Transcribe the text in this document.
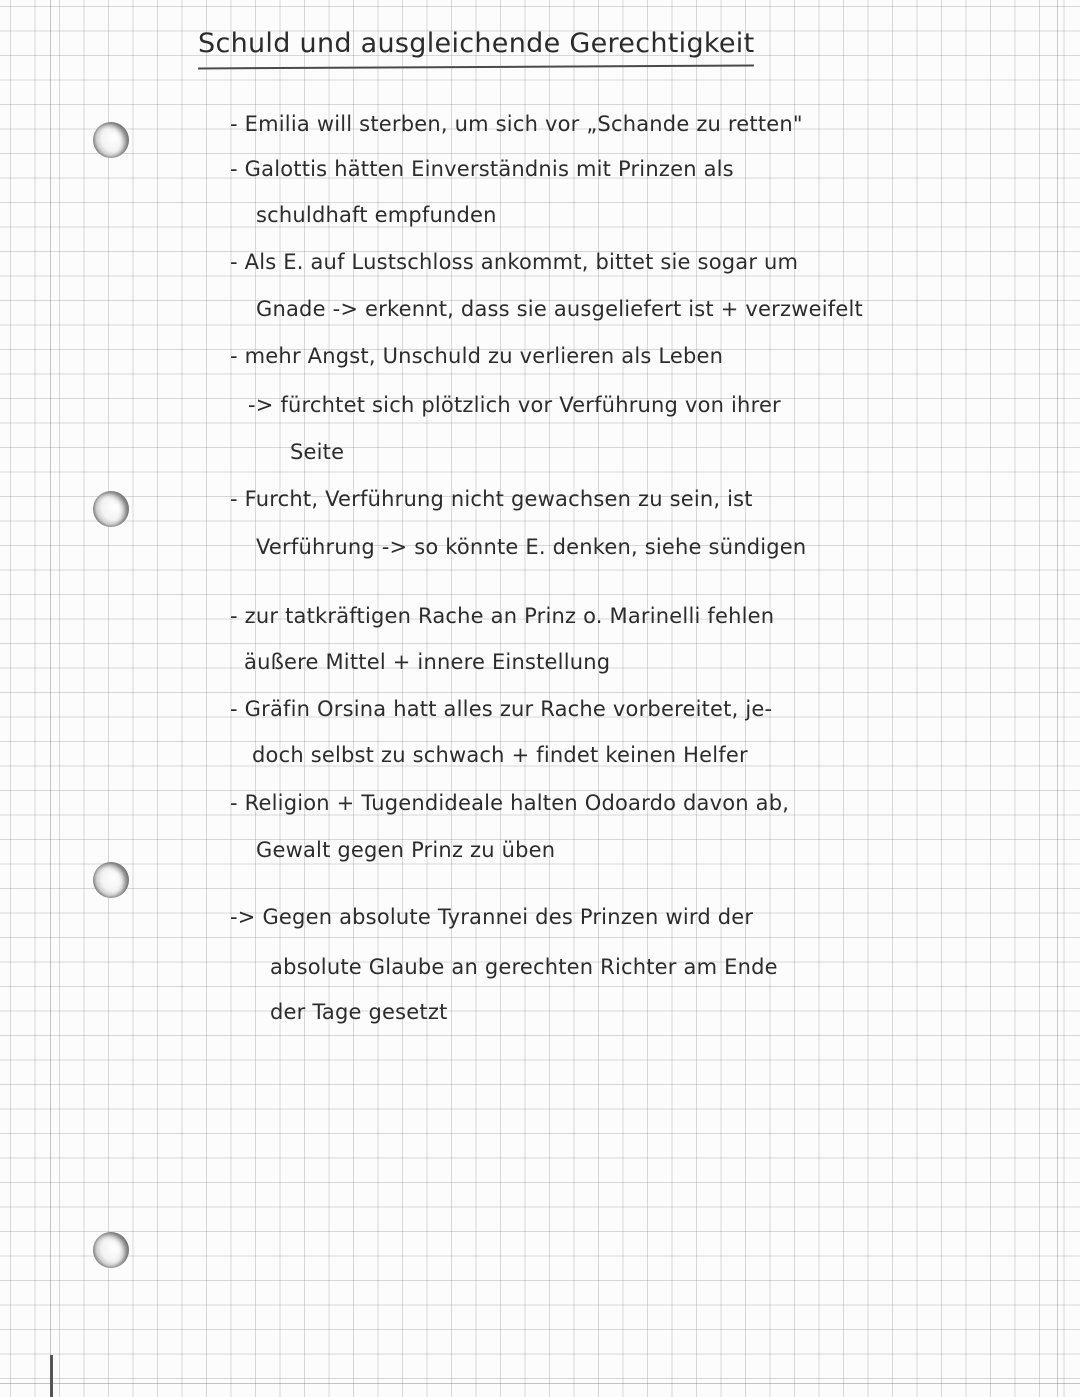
Schuld und ausgleichende Gerechtigkeit
- Emilia will sterben, um sich vor „Schande zu retten"
- Galottis hätten Einverständnis mit Prinzen als
schuldhaft empfunden
- Als E. auf Lustschloss ankommt, bittet sie sogar um
Gnade -> erkennt, dass sie ausgeliefert ist + verzweifelt
- mehr Angst, Unschuld zu verlieren als Leben
-> fürchtet sich plötzlich vor Verführung von ihrer
Seite
- Furcht, Verführung nicht gewachsen zu sein, ist
Verführung -> so könnte E. denken, siehe sündigen
- zur tatkräftigen Rache an Prinz o. Marinelli fehlen
äußere Mittel + innere Einstellung
- Gräfin Orsina hatt alles zur Rache vorbereitet, je-
doch selbst zu schwach + findet keinen Helfer
- Religion + Tugendideale halten Odoardo davon ab,
Gewalt gegen Prinz zu üben
-> Gegen absolute Tyrannei des Prinzen wird der
absolute Glaube an gerechten Richter am Ende
der Tage gesetzt
